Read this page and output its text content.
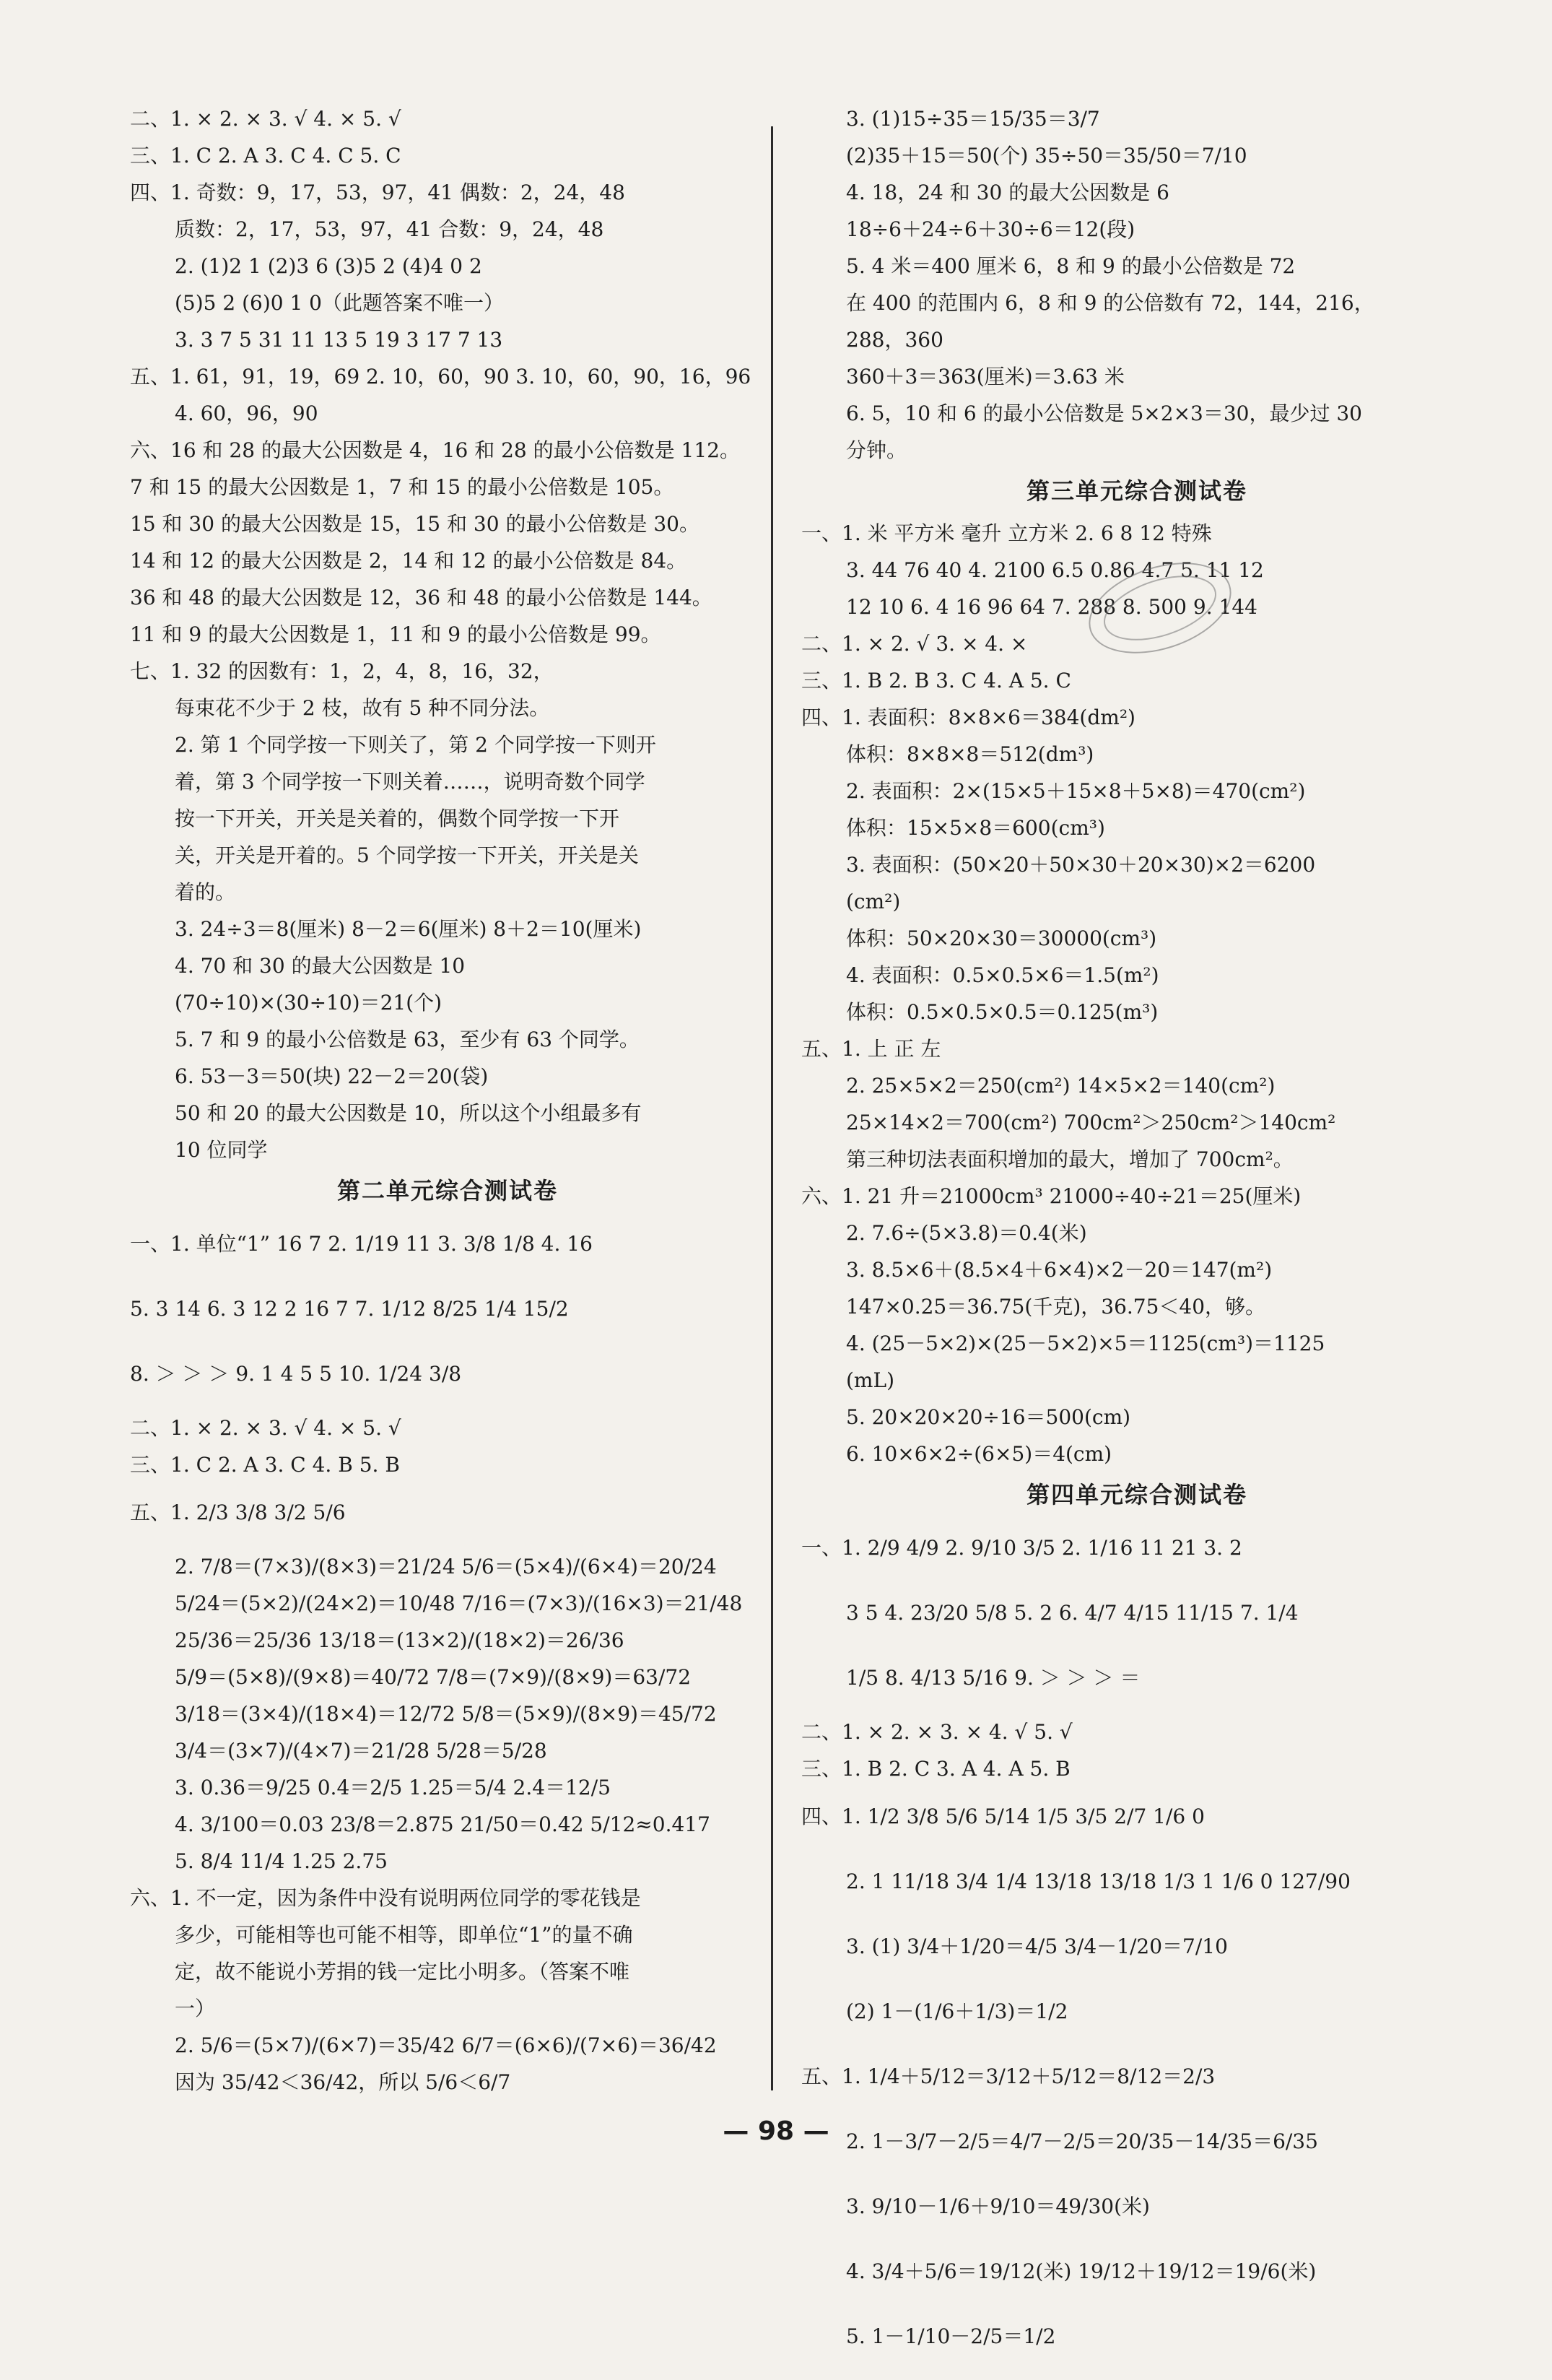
二、1. × 2. × 3. √ 4. × 5. √
三、1. C 2. A 3. C 4. C 5. C
四、1. 奇数：9，17，53，97，41 偶数：2，24，48
质数：2，17，53，97，41 合数：9，24，48
2. (1)2 1 (2)3 6 (3)5 2 (4)4 0 2
(5)5 2 (6)0 1 0（此题答案不唯一）
3. 3 7 5 31 11 13 5 19 3 17 7 13
五、1. 61，91，19，69 2. 10，60，90 3. 10，60，90，16，96
4. 60，96，90
六、16 和 28 的最大公因数是 4，16 和 28 的最小公倍数是 112。
7 和 15 的最大公因数是 1，7 和 15 的最小公倍数是 105。
15 和 30 的最大公因数是 15，15 和 30 的最小公倍数是 30。
14 和 12 的最大公因数是 2，14 和 12 的最小公倍数是 84。
36 和 48 的最大公因数是 12，36 和 48 的最小公倍数是 144。
11 和 9 的最大公因数是 1，11 和 9 的最小公倍数是 99。
七、1. 32 的因数有：1，2，4，8，16，32，
每束花不少于 2 枝，故有 5 种不同分法。
2. 第 1 个同学按一下则关了，第 2 个同学按一下则开
着，第 3 个同学按一下则关着……，说明奇数个同学
按一下开关，开关是关着的，偶数个同学按一下开
关，开关是开着的。5 个同学按一下开关，开关是关
着的。
3. 24÷3＝8(厘米) 8－2＝6(厘米) 8＋2＝10(厘米)
4. 70 和 30 的最大公因数是 10
(70÷10)×(30÷10)＝21(个)
5. 7 和 9 的最小公倍数是 63，至少有 63 个同学。
6. 53－3＝50(块) 22－2＝20(袋)
50 和 20 的最大公因数是 10，所以这个小组最多有
10 位同学
第二单元综合测试卷
一、1. 单位“1” 16 7 2. 1/19 11 3. 3/8 1/8 4. 16
5. 3 14 6. 3 12 2 16 7 7. 1/12 8/25 1/4 15/2
8. ＞ ＞ ＞ 9. 1 4 5 5 10. 1/24 3/8
二、1. × 2. × 3. √ 4. × 5. √
三、1. C 2. A 3. C 4. B 5. B
五、1. 2/3 3/8 3/2 5/6
2. 7/8＝(7×3)/(8×3)＝21/24 5/6＝(5×4)/(6×4)＝20/24
5/24＝(5×2)/(24×2)＝10/48 7/16＝(7×3)/(16×3)＝21/48
25/36＝25/36 13/18＝(13×2)/(18×2)＝26/36
5/9＝(5×8)/(9×8)＝40/72 7/8＝(7×9)/(8×9)＝63/72
3/18＝(3×4)/(18×4)＝12/72 5/8＝(5×9)/(8×9)＝45/72
3/4＝(3×7)/(4×7)＝21/28 5/28＝5/28
3. 0.36＝9/25 0.4＝2/5 1.25＝5/4 2.4＝12/5
4. 3/100＝0.03 23/8＝2.875 21/50＝0.42 5/12≈0.417
5. 8/4 11/4 1.25 2.75
六、1. 不一定，因为条件中没有说明两位同学的零花钱是
多少，可能相等也可能不相等，即单位“1”的量不确
定，故不能说小芳捐的钱一定比小明多。（答案不唯
一）
2. 5/6＝(5×7)/(6×7)＝35/42 6/7＝(6×6)/(7×6)＝36/42
因为 35/42＜36/42，所以 5/6＜6/7
3. (1)15÷35＝15/35＝3/7
(2)35＋15＝50(个) 35÷50＝35/50＝7/10
4. 18，24 和 30 的最大公因数是 6
18÷6＋24÷6＋30÷6＝12(段)
5. 4 米＝400 厘米 6，8 和 9 的最小公倍数是 72
在 400 的范围内 6，8 和 9 的公倍数有 72，144，216，
288，360
360＋3＝363(厘米)＝3.63 米
6. 5，10 和 6 的最小公倍数是 5×2×3＝30，最少过 30
分钟。
第三单元综合测试卷
一、1. 米 平方米 毫升 立方米 2. 6 8 12 特殊
3. 44 76 40 4. 2100 6.5 0.86 4.7 5. 11 12
12 10 6. 4 16 96 64 7. 288 8. 500 9. 144
二、1. × 2. √ 3. × 4. ×
三、1. B 2. B 3. C 4. A 5. C
四、1. 表面积：8×8×6＝384(dm²)
体积：8×8×8＝512(dm³)
2. 表面积：2×(15×5＋15×8＋5×8)＝470(cm²)
体积：15×5×8＝600(cm³)
3. 表面积：(50×20＋50×30＋20×30)×2＝6200
(cm²)
体积：50×20×30＝30000(cm³)
4. 表面积：0.5×0.5×6＝1.5(m²)
体积：0.5×0.5×0.5＝0.125(m³)
五、1. 上 正 左
2. 25×5×2＝250(cm²) 14×5×2＝140(cm²)
25×14×2＝700(cm²) 700cm²＞250cm²＞140cm²
第三种切法表面积增加的最大，增加了 700cm²。
六、1. 21 升＝21000cm³ 21000÷40÷21＝25(厘米)
2. 7.6÷(5×3.8)＝0.4(米)
3. 8.5×6＋(8.5×4＋6×4)×2－20＝147(m²)
147×0.25＝36.75(千克)，36.75＜40，够。
4. (25－5×2)×(25－5×2)×5＝1125(cm³)＝1125
(mL)
5. 20×20×20÷16＝500(cm)
6. 10×6×2÷(6×5)＝4(cm)
第四单元综合测试卷
一、1. 2/9 4/9 2. 9/10 3/5 2. 1/16 11 21 3. 2
3 5 4. 23/20 5/8 5. 2 6. 4/7 4/15 11/15 7. 1/4
1/5 8. 4/13 5/16 9. ＞ ＞ ＞ ＝
二、1. × 2. × 3. × 4. √ 5. √
三、1. B 2. C 3. A 4. A 5. B
四、1. 1/2 3/8 5/6 5/14 1/5 3/5 2/7 1/6 0
2. 1 11/18 3/4 1/4 13/18 13/18 1/3 1 1/6 0 127/90
3. (1) 3/4＋1/20＝4/5 3/4－1/20＝7/10
(2) 1－(1/6＋1/3)＝1/2
五、1. 1/4＋5/12＝3/12＋5/12＝8/12＝2/3
2. 1－3/7－2/5＝4/7－2/5＝20/35－14/35＝6/35
3. 9/10－1/6＋9/10＝49/30(米)
4. 3/4＋5/6＝19/12(米) 19/12＋19/12＝19/6(米)
5. 1－1/10－2/5＝1/2
— 98 —
